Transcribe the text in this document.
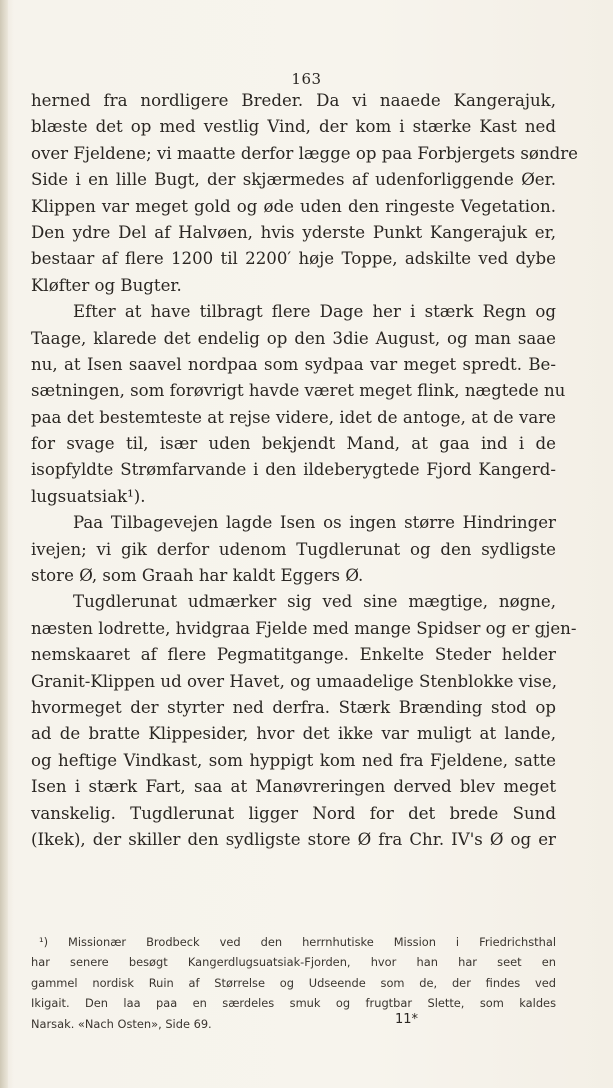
163
herned fra nordligere Breder. Da vi naaede Kangerajuk,
blæste det op med vestlig Vind, der kom i stærke Kast ned
over Fjeldene; vi maatte derfor lægge op paa Forbjergets søndre
Side i en lille Bugt, der skjærmedes af udenforliggende Øer.
Klippen var meget gold og øde uden den ringeste Vegetation.
Den ydre Del af Halvøen, hvis yderste Punkt Kangerajuk er,
bestaar af flere 1200 til 2200′ høje Toppe, adskilte ved dybe
Kløfter og Bugter.
Efter at have tilbragt flere Dage her i stærk Regn og
Taage, klarede det endelig op den 3die August, og man saae
nu, at Isen saavel nordpaa som sydpaa var meget spredt. Be-
sætningen, som forøvrigt havde været meget flink, nægtede nu
paa det bestemteste at rejse videre, idet de antoge, at de vare
for svage til, især uden bekjendt Mand, at gaa ind i de
isopfyldte Strømfarvande i den ildeberygtede Fjord Kangerd-
lugsuatsiak¹).
Paa Tilbagevejen lagde Isen os ingen større Hindringer
ivejen; vi gik derfor udenom Tugdlerunat og den sydligste
store Ø, som Graah har kaldt Eggers Ø.
Tugdlerunat udmærker sig ved sine mægtige, nøgne,
næsten lodrette, hvidgraa Fjelde med mange Spidser og er gjen-
nemskaaret af flere Pegmatitgange. Enkelte Steder helder
Granit-Klippen ud over Havet, og umaadelige Stenblokke vise,
hvormeget der styrter ned derfra. Stærk Brænding stod op
ad de bratte Klippesider, hvor det ikke var muligt at lande,
og heftige Vindkast, som hyppigt kom ned fra Fjeldene, satte
Isen i stærk Fart, saa at Manøvreringen derved blev meget
vanskelig. Tugdlerunat ligger Nord for det brede Sund
(Ikek), der skiller den sydligste store Ø fra Chr. IV's Ø og er
¹) Missionær Brodbeck ved den herrnhutiske Mission i Friedrichsthal
har senere besøgt Kangerdlugsuatsiak-Fjorden, hvor han har seet en
gammel nordisk Ruin af Størrelse og Udseende som de, der findes ved
Ikigait. Den laa paa en særdeles smuk og frugtbar Slette, som kaldes
Narsak. «Nach Osten», Side 69.	11*
